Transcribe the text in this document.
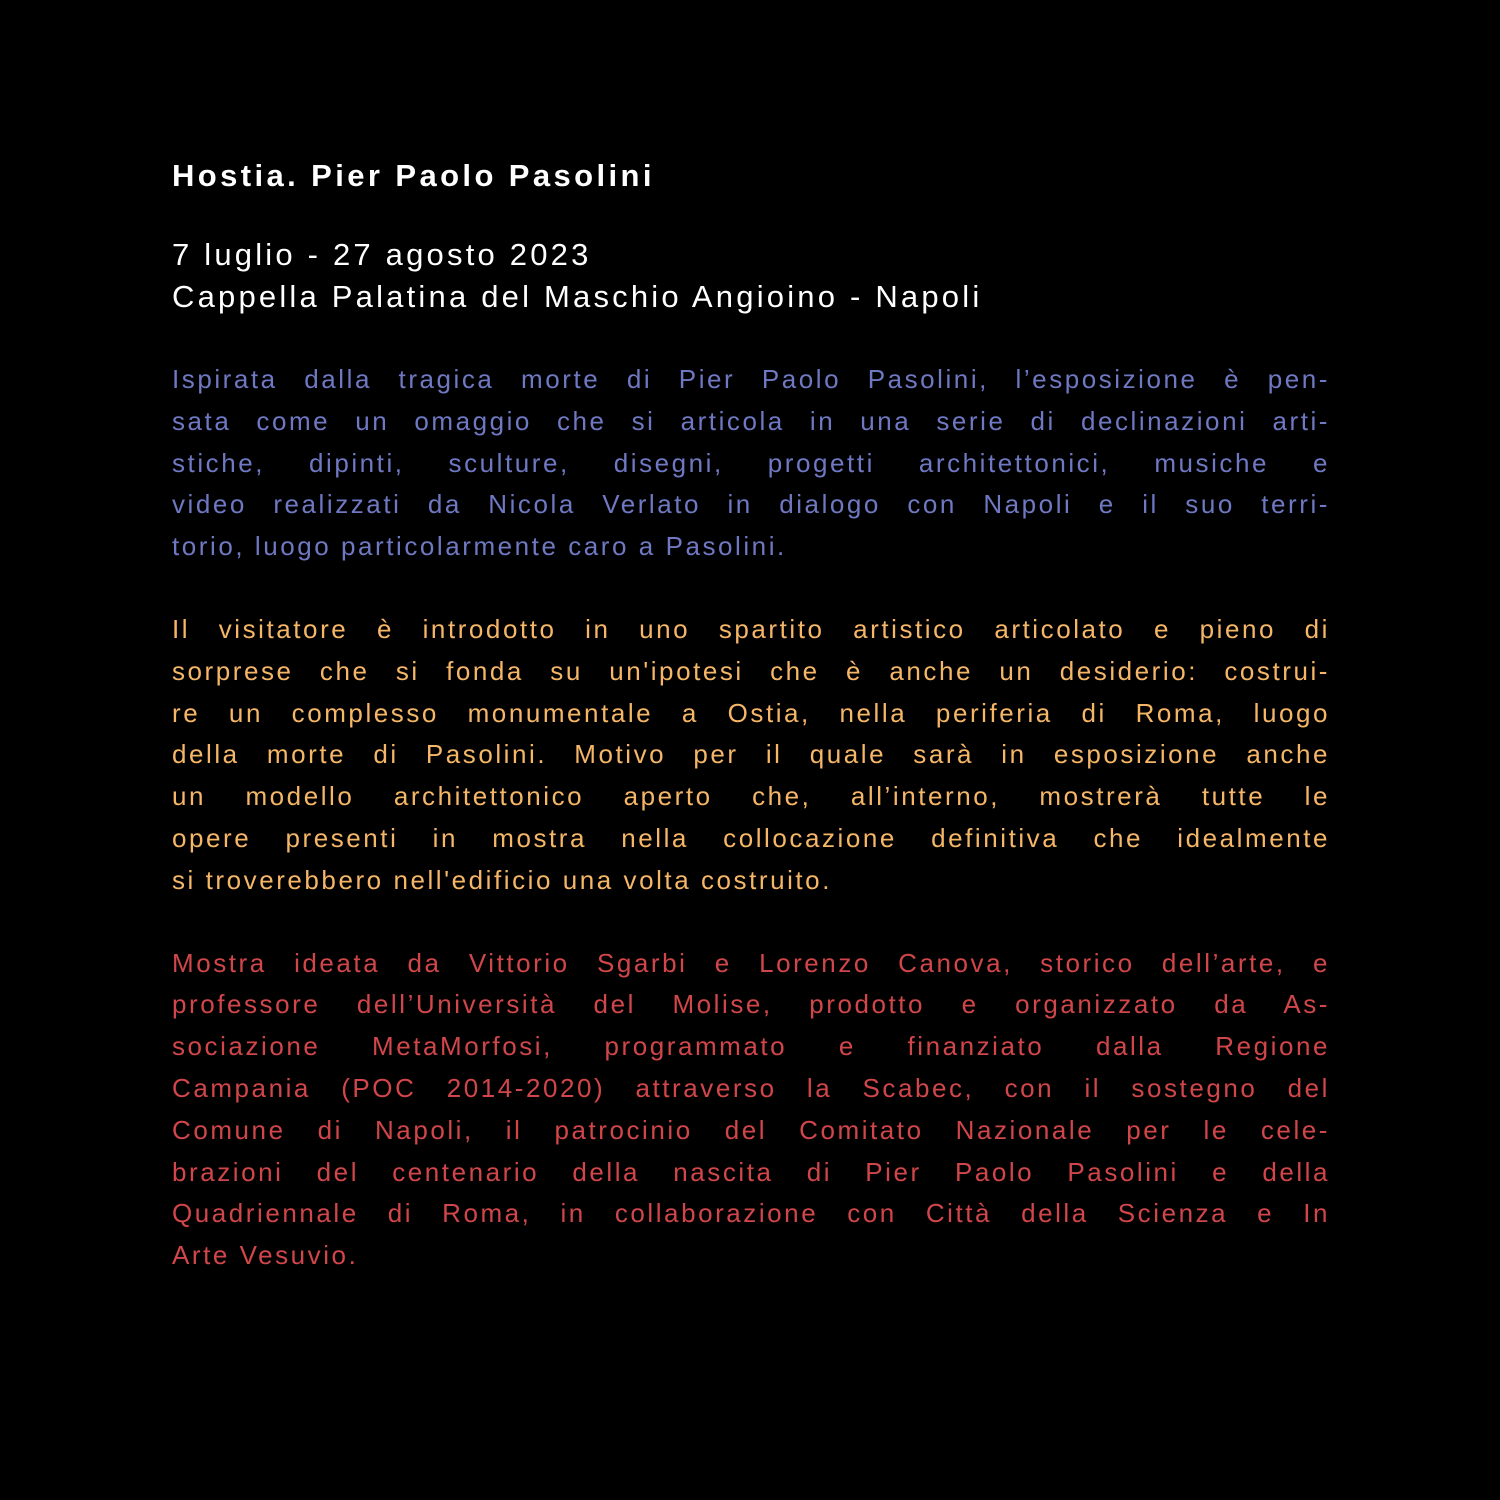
Hostia. Pier Paolo Pasolini
7 luglio - 27 agosto 2023
Cappella Palatina del Maschio Angioino - Napoli

Ispirata dalla tragica morte di Pier Paolo Pasolini, l’esposizione è pen-
sata come un omaggio che si articola in una serie di declinazioni arti-
stiche, dipinti, sculture, disegni, progetti architettonici, musiche e
video realizzati da Nicola Verlato in dialogo con Napoli e il suo terri-
torio, luogo particolarmente caro a Pasolini.

Il visitatore è introdotto in uno spartito artistico articolato e pieno di
sorprese che si fonda su un'ipotesi che è anche un desiderio: costrui-
re un complesso monumentale a Ostia, nella periferia di Roma, luogo
della morte di Pasolini. Motivo per il quale sarà in esposizione anche
un modello architettonico aperto che, all’interno, mostrerà tutte le
opere presenti in mostra nella collocazione definitiva che idealmente
si troverebbero nell'edificio una volta costruito.

Mostra ideata da Vittorio Sgarbi e Lorenzo Canova, storico dell’arte, e
professore dell’Università del Molise, prodotto e organizzato da As-
sociazione MetaMorfosi, programmato e finanziato dalla Regione
Campania (POC 2014-2020) attraverso la Scabec, con il sostegno del
Comune di Napoli, il patrocinio del Comitato Nazionale per le cele-
brazioni del centenario della nascita di Pier Paolo Pasolini e della
Quadriennale di Roma, in collaborazione con Città della Scienza e In
Arte Vesuvio.
